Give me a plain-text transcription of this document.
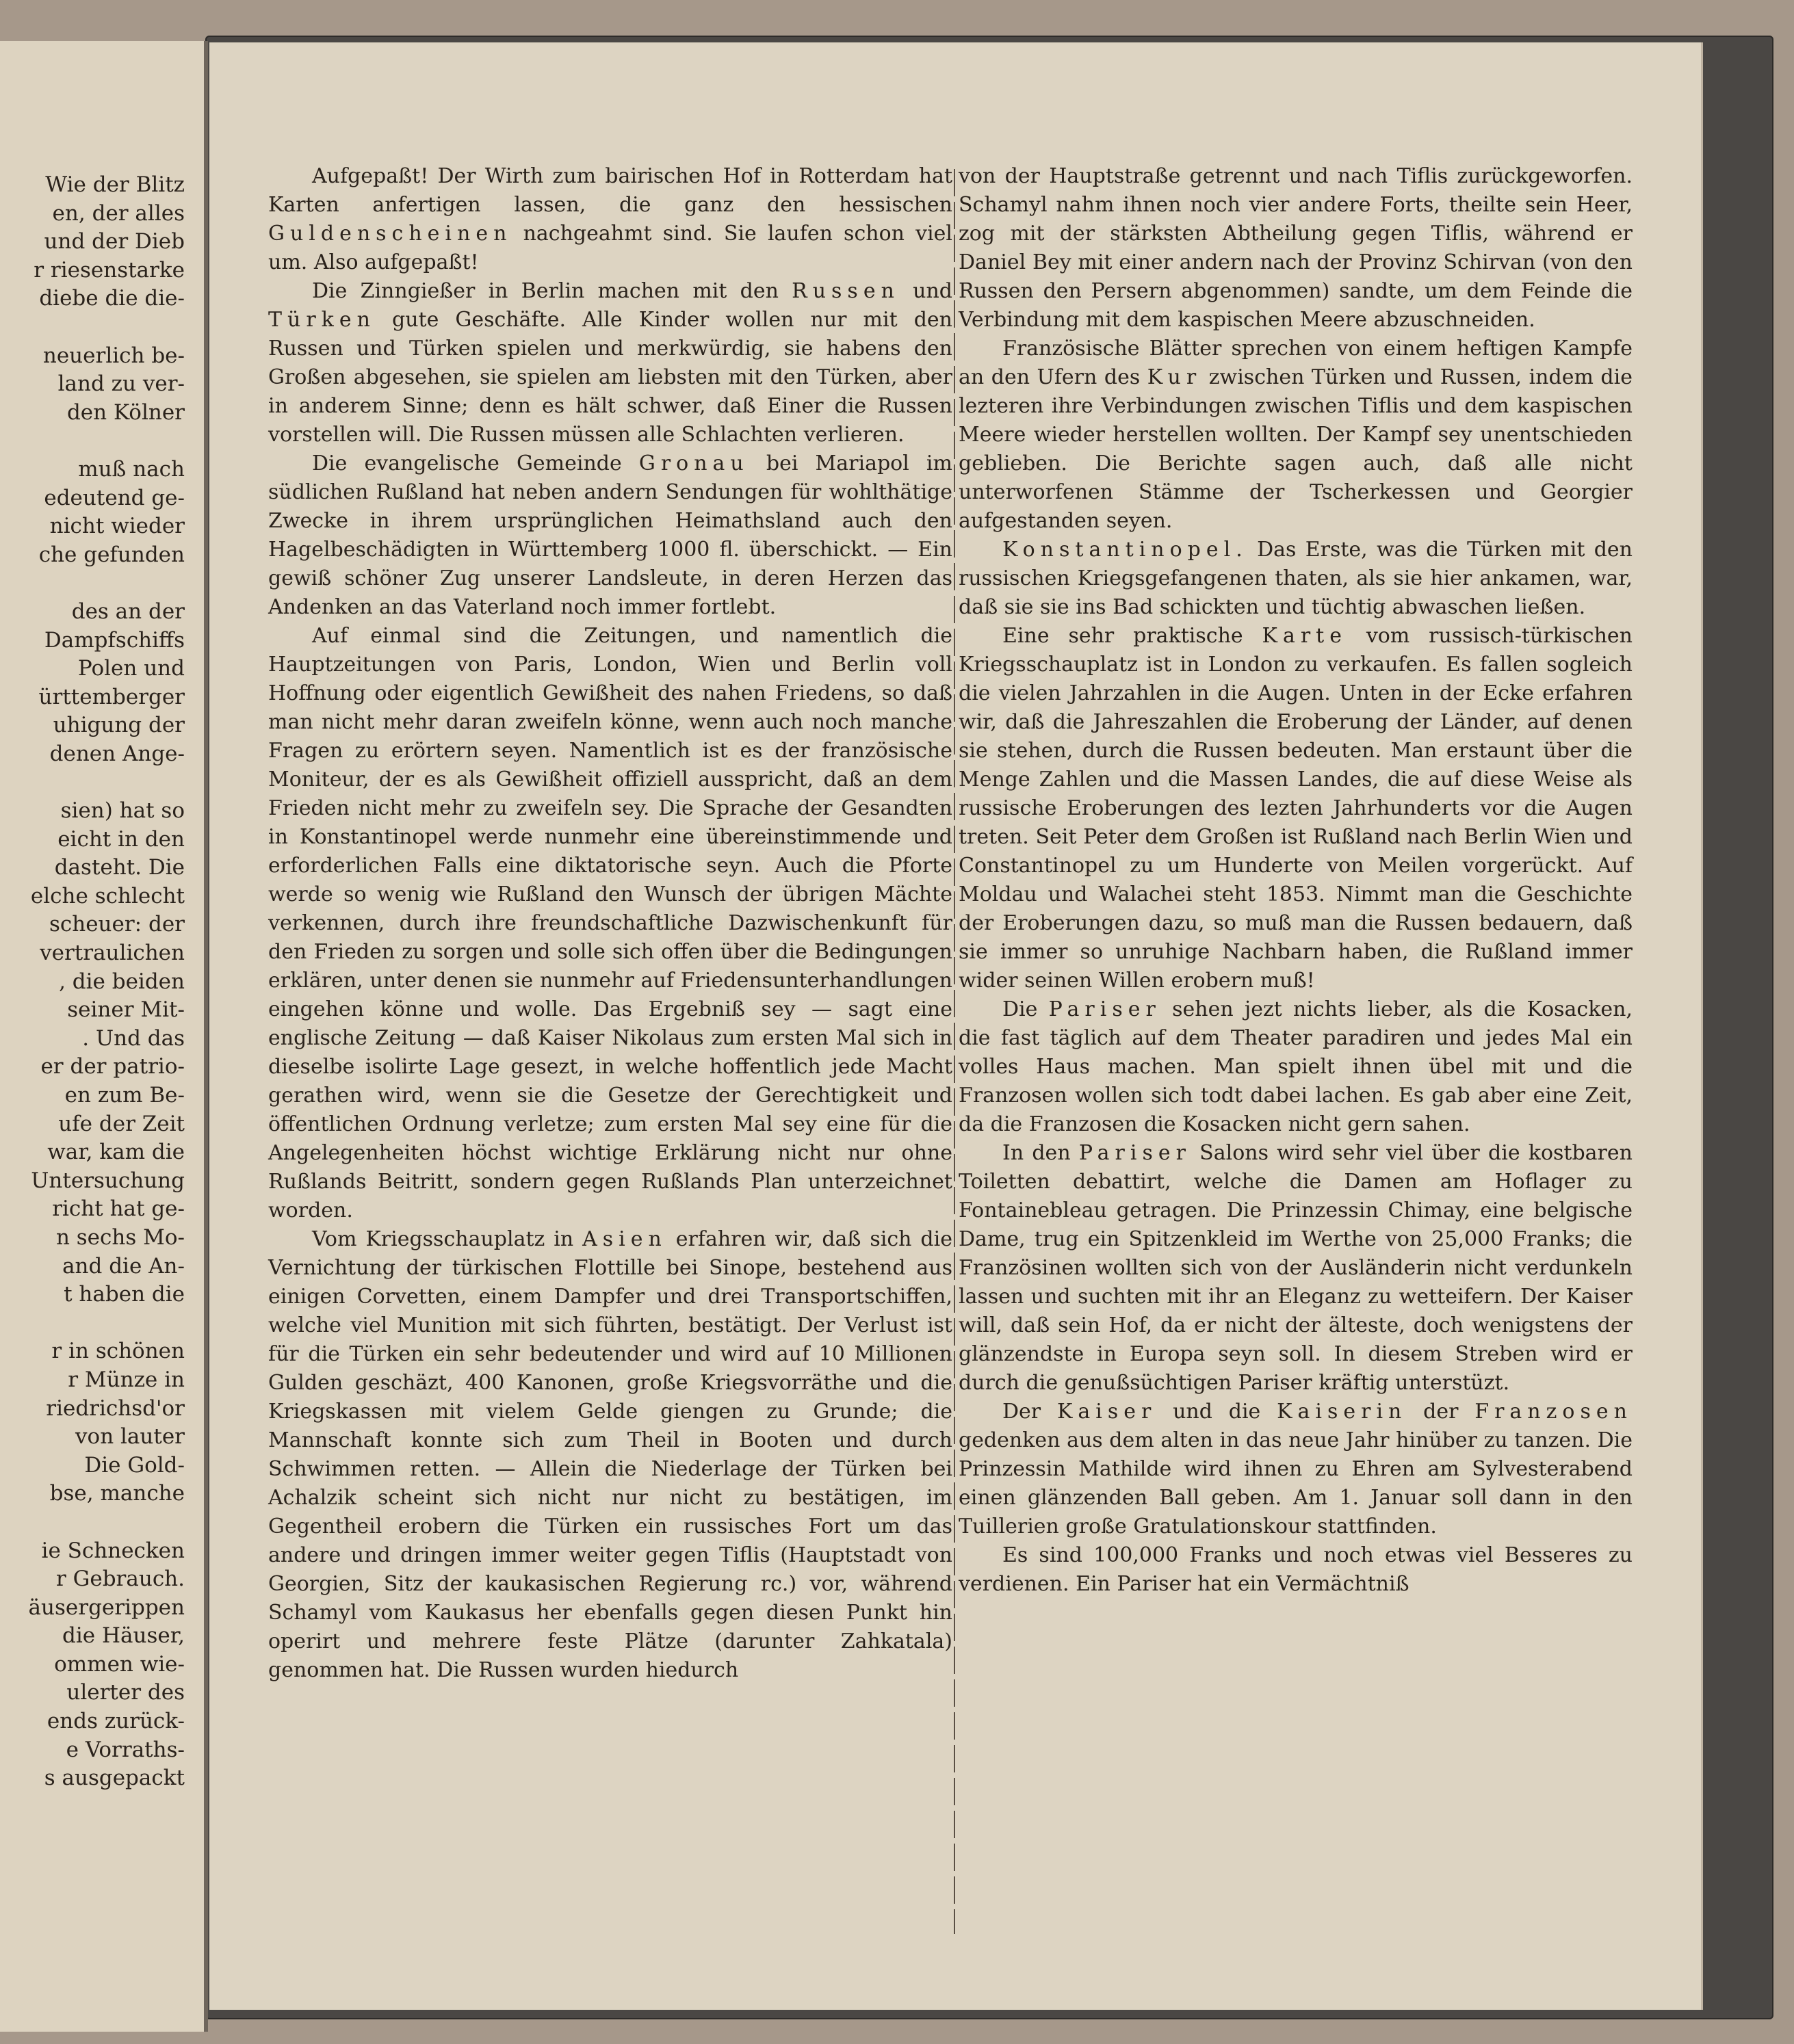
Wie der Blitz
en, der alles
und der Dieb
r riesenstarke
diebe die die-

neuerlich be-
land zu ver-
den Kölner

muß nach
edeutend ge-
nicht wieder
che gefunden

des an der
Dampfschiffs
Polen und
ürttemberger
uhigung der
denen Ange-

sien) hat so
eicht in den
dasteht. Die
elche schlecht
scheuer: der
vertraulichen
, die beiden
seiner Mit-
. Und das
er der patrio-
en zum Be-
ufe der Zeit
war, kam die
Untersuchung
richt hat ge-
n sechs Mo-
and die An-
t haben die

r in schönen
r Münze in
riedrichsd'or
von lauter
Die Gold-
bse, manche

ie Schnecken
r Gebrauch.
äusergerippen
die Häuser,
ommen wie-
ulerter des
ends zurück-
e Vorraths-
s ausgepackt

Aufgepaßt! Der Wirth zum bairischen Hof in Rotterdam hat Karten anfertigen lassen, die ganz den hessischen Guldenscheinen nachgeahmt sind. Sie laufen schon viel um. Also aufgepaßt!

Die Zinngießer in Berlin machen mit den Russen und Türken gute Geschäfte. Alle Kinder wollen nur mit den Russen und Türken spielen und merkwürdig, sie habens den Großen abgesehen, sie spielen am liebsten mit den Türken, aber in anderem Sinne; denn es hält schwer, daß Einer die Russen vorstellen will. Die Russen müssen alle Schlachten verlieren.

Die evangelische Gemeinde Gronau bei Mariapol im südlichen Rußland hat neben andern Sendungen für wohlthätige Zwecke in ihrem ursprünglichen Heimathsland auch den Hagelbeschädigten in Württemberg 1000 fl. überschickt. — Ein gewiß schöner Zug unserer Landsleute, in deren Herzen das Andenken an das Vaterland noch immer fortlebt.

Auf einmal sind die Zeitungen, und namentlich die Hauptzeitungen von Paris, London, Wien und Berlin voll Hoffnung oder eigentlich Gewißheit des nahen Friedens, so daß man nicht mehr daran zweifeln könne, wenn auch noch manche Fragen zu erörtern seyen. Namentlich ist es der französische Moniteur, der es als Gewißheit offiziell ausspricht, daß an dem Frieden nicht mehr zu zweifeln sey. Die Sprache der Gesandten in Konstantinopel werde nunmehr eine übereinstimmende und erforderlichen Falls eine diktatorische seyn. Auch die Pforte werde so wenig wie Rußland den Wunsch der übrigen Mächte verkennen, durch ihre freundschaftliche Dazwischenkunft für den Frieden zu sorgen und solle sich offen über die Bedingungen erklären, unter denen sie nunmehr auf Friedensunterhandlungen eingehen könne und wolle. Das Ergebniß sey — sagt eine englische Zeitung — daß Kaiser Nikolaus zum ersten Mal sich in dieselbe isolirte Lage gesezt, in welche hoffentlich jede Macht gerathen wird, wenn sie die Gesetze der Gerechtigkeit und öffentlichen Ordnung verletze; zum ersten Mal sey eine für die Angelegenheiten höchst wichtige Erklärung nicht nur ohne Rußlands Beitritt, sondern gegen Rußlands Plan unterzeichnet worden.

Vom Kriegsschauplatz in Asien erfahren wir, daß sich die Vernichtung der türkischen Flottille bei Sinope, bestehend aus einigen Corvetten, einem Dampfer und drei Transportschiffen, welche viel Munition mit sich führten, bestätigt. Der Verlust ist für die Türken ein sehr bedeutender und wird auf 10 Millionen Gulden geschäzt, 400 Kanonen, große Kriegsvorräthe und die Kriegskassen mit vielem Gelde giengen zu Grunde; die Mannschaft konnte sich zum Theil in Booten und durch Schwimmen retten. — Allein die Niederlage der Türken bei Achalzik scheint sich nicht nur nicht zu bestätigen, im Gegentheil erobern die Türken ein russisches Fort um das andere und dringen immer weiter gegen Tiflis (Hauptstadt von Georgien, Sitz der kaukasischen Regierung rc.) vor, während Schamyl vom Kaukasus her ebenfalls gegen diesen Punkt hin operirt und mehrere feste Plätze (darunter Zahkatala) genommen hat. Die Russen wurden hiedurch

von der Hauptstraße getrennt und nach Tiflis zurückgeworfen. Schamyl nahm ihnen noch vier andere Forts, theilte sein Heer, zog mit der stärksten Abtheilung gegen Tiflis, während er Daniel Bey mit einer andern nach der Provinz Schirvan (von den Russen den Persern abgenommen) sandte, um dem Feinde die Verbindung mit dem kaspischen Meere abzuschneiden.

Französische Blätter sprechen von einem heftigen Kampfe an den Ufern des Kur zwischen Türken und Russen, indem die lezteren ihre Verbindungen zwischen Tiflis und dem kaspischen Meere wieder herstellen wollten. Der Kampf sey unentschieden geblieben. Die Berichte sagen auch, daß alle nicht unterworfenen Stämme der Tscherkessen und Georgier aufgestanden seyen.

Konstantinopel. Das Erste, was die Türken mit den russischen Kriegsgefangenen thaten, als sie hier ankamen, war, daß sie sie ins Bad schickten und tüchtig abwaschen ließen.

Eine sehr praktische Karte vom russisch-türkischen Kriegsschauplatz ist in London zu verkaufen. Es fallen sogleich die vielen Jahrzahlen in die Augen. Unten in der Ecke erfahren wir, daß die Jahreszahlen die Eroberung der Länder, auf denen sie stehen, durch die Russen bedeuten. Man erstaunt über die Menge Zahlen und die Massen Landes, die auf diese Weise als russische Eroberungen des lezten Jahrhunderts vor die Augen treten. Seit Peter dem Großen ist Rußland nach Berlin Wien und Constantinopel zu um Hunderte von Meilen vorgerückt. Auf Moldau und Walachei steht 1853. Nimmt man die Geschichte der Eroberungen dazu, so muß man die Russen bedauern, daß sie immer so unruhige Nachbarn haben, die Rußland immer wider seinen Willen erobern muß!

Die Pariser sehen jezt nichts lieber, als die Kosacken, die fast täglich auf dem Theater paradiren und jedes Mal ein volles Haus machen. Man spielt ihnen übel mit und die Franzosen wollen sich todt dabei lachen. Es gab aber eine Zeit, da die Franzosen die Kosacken nicht gern sahen.

In den Pariser Salons wird sehr viel über die kostbaren Toiletten debattirt, welche die Damen am Hoflager zu Fontainebleau getragen. Die Prinzessin Chimay, eine belgische Dame, trug ein Spitzenkleid im Werthe von 25,000 Franks; die Französinen wollten sich von der Ausländerin nicht verdunkeln lassen und suchten mit ihr an Eleganz zu wetteifern. Der Kaiser will, daß sein Hof, da er nicht der älteste, doch wenigstens der glänzendste in Europa seyn soll. In diesem Streben wird er durch die genußsüchtigen Pariser kräftig unterstüzt.

Der Kaiser und die Kaiserin der Franzosen gedenken aus dem alten in das neue Jahr hinüber zu tanzen. Die Prinzessin Mathilde wird ihnen zu Ehren am Sylvesterabend einen glänzenden Ball geben. Am 1. Januar soll dann in den Tuillerien große Gratulationskour stattfinden.

Es sind 100,000 Franks und noch etwas viel Besseres zu verdienen. Ein Pariser hat ein Vermächtniß
